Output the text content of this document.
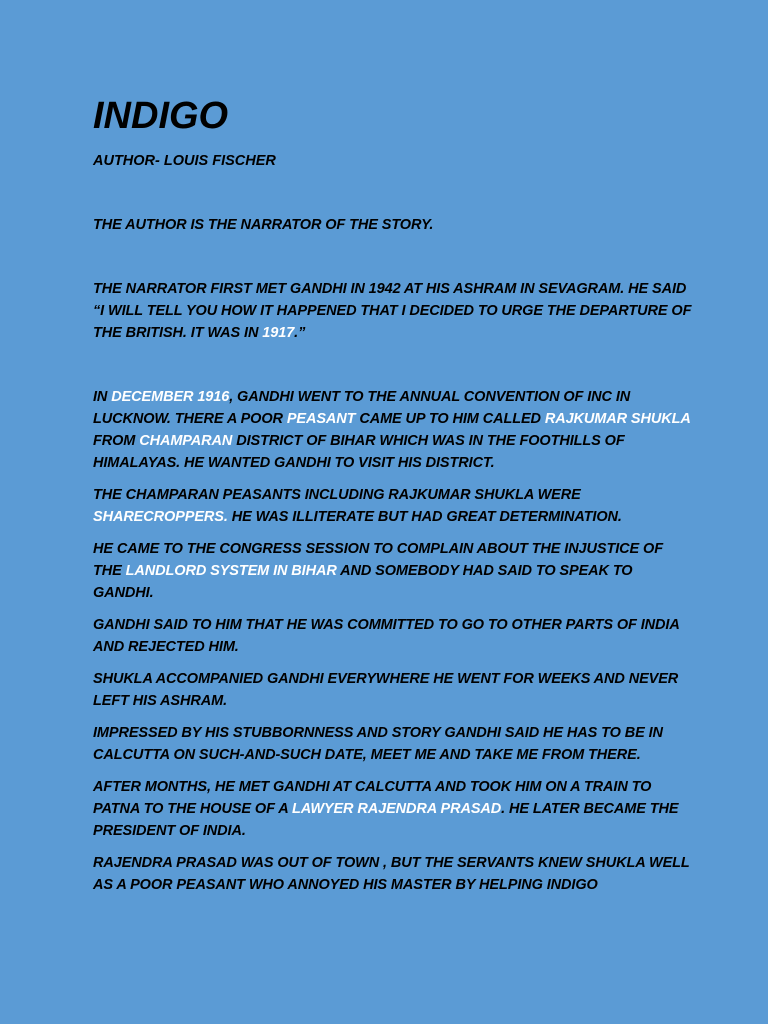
INDIGO

AUTHOR- LOUIS FISCHER

THE AUTHOR IS THE NARRATOR OF THE STORY.

THE NARRATOR FIRST MET GANDHI IN 1942 AT HIS ASHRAM IN SEVAGRAM. HE SAID “I WILL TELL YOU HOW IT HAPPENED THAT I DECIDED TO URGE THE DEPARTURE OF THE BRITISH. IT WAS IN 1917.”

IN DECEMBER 1916, GANDHI WENT TO THE ANNUAL CONVENTION OF INC IN LUCKNOW. THERE A POOR PEASANT CAME UP TO HIM CALLED RAJKUMAR SHUKLA FROM CHAMPARAN DISTRICT OF BIHAR WHICH WAS IN THE FOOTHILLS OF HIMALAYAS. HE WANTED GANDHI TO VISIT HIS DISTRICT.

THE CHAMPARAN PEASANTS INCLUDING RAJKUMAR SHUKLA WERE SHARECROPPERS. HE WAS ILLITERATE BUT HAD GREAT DETERMINATION.

HE CAME TO THE CONGRESS SESSION TO COMPLAIN ABOUT THE INJUSTICE OF THE LANDLORD SYSTEM IN BIHAR AND SOMEBODY HAD SAID TO SPEAK TO GANDHI.

GANDHI SAID TO HIM THAT HE WAS COMMITTED TO GO TO OTHER PARTS OF INDIA AND REJECTED HIM.

SHUKLA ACCOMPANIED GANDHI EVERYWHERE HE WENT FOR WEEKS AND NEVER LEFT HIS ASHRAM.

IMPRESSED BY HIS STUBBORNNESS AND STORY GANDHI SAID HE HAS TO BE IN CALCUTTA ON SUCH-AND-SUCH DATE, MEET ME AND TAKE ME FROM THERE.

AFTER MONTHS, HE MET GANDHI AT CALCUTTA AND TOOK HIM ON A TRAIN TO PATNA TO THE HOUSE OF A LAWYER RAJENDRA PRASAD. HE LATER BECAME THE PRESIDENT OF INDIA.

RAJENDRA PRASAD WAS OUT OF TOWN , BUT THE SERVANTS KNEW SHUKLA WELL AS A POOR PEASANT WHO ANNOYED HIS MASTER BY HELPING INDIGO
